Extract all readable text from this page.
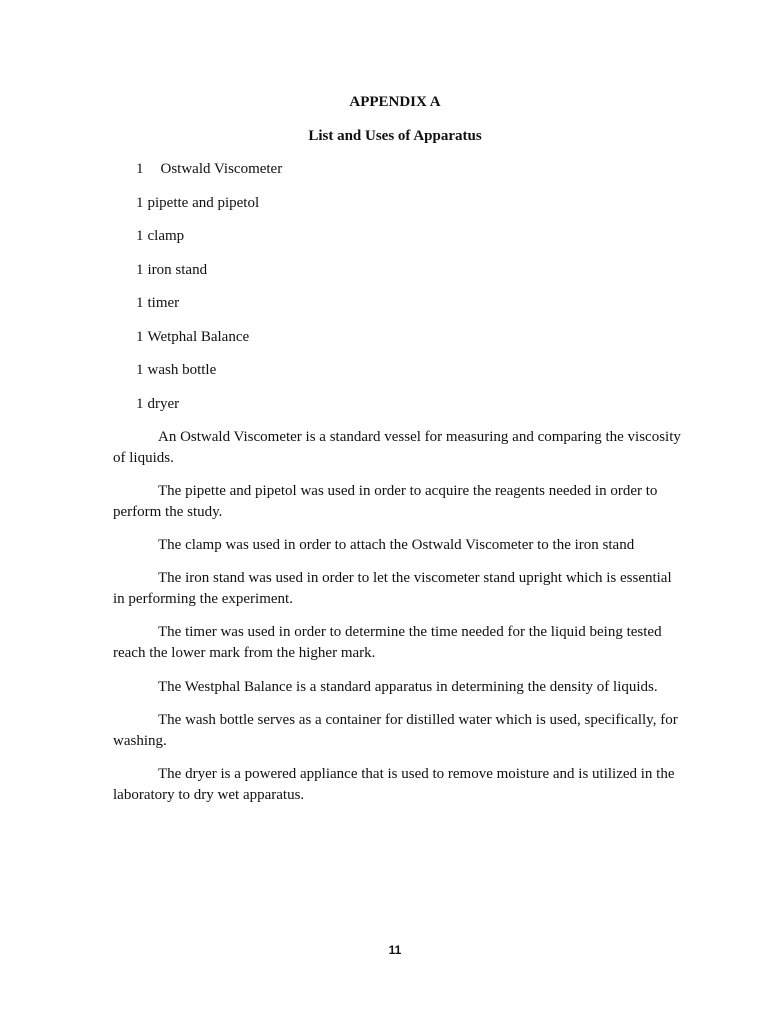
APPENDIX A
List and Uses of Apparatus
1 Ostwald Viscometer
1 pipette and pipetol
1 clamp
1 iron stand
1 timer
1 Wetphal Balance
1 wash bottle
1 dryer

An Ostwald Viscometer is a standard vessel for measuring and comparing the viscosity of liquids.

The pipette and pipetol was used in order to acquire the reagents needed in order to perform the study.

The clamp was used in order to attach the Ostwald Viscometer to the iron stand

The iron stand was used in order to let the viscometer stand upright which is essential in performing the experiment.

The timer was used in order to determine the time needed for the liquid being tested reach the lower mark from the higher mark.

The Westphal Balance is a standard apparatus in determining the density of liquids.

The wash bottle serves as a container for distilled water which is used, specifically, for washing.

The dryer is a powered appliance that is used to remove moisture and is utilized in the laboratory to dry wet apparatus.

11
